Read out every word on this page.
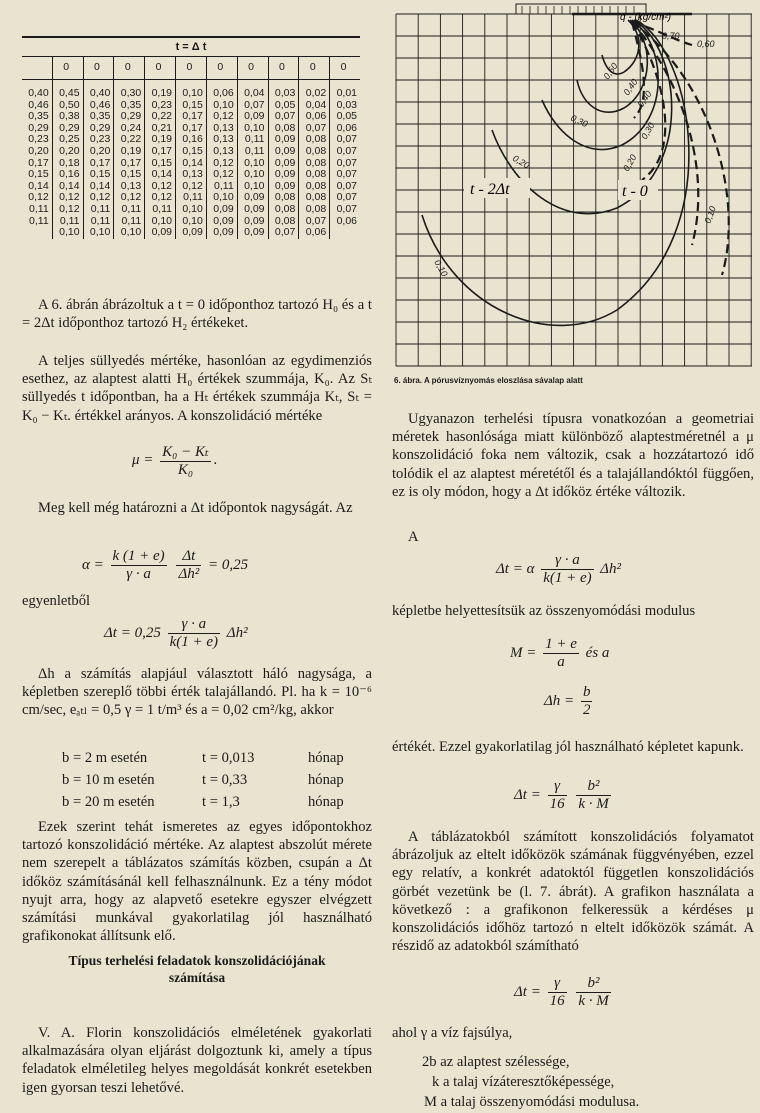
t = Δ t
	0	0	0	0	0	0	0	0	0	0

0,40	0,45	0,40	0,30	0,19	0,10	0,06	0,04	0,03	0,02	0,01
0,46	0,50	0,46	0,35	0,23	0,15	0,10	0,07	0,05	0,04	0,03
0,35	0,38	0,35	0,29	0,22	0,17	0,12	0,09	0,07	0,06	0,05
0,29	0,29	0,29	0,24	0,21	0,17	0,13	0,10	0,08	0,07	0,06
0,23	0,25	0,23	0,22	0,19	0,16	0,13	0,11	0,09	0,08	0,07
0,20	0,20	0,20	0,19	0,17	0,15	0,13	0,11	0,09	0,08	0,07
0,17	0,18	0,17	0,17	0,15	0,14	0,12	0,10	0,09	0,08	0,07
0,15	0,16	0,15	0,15	0,14	0,13	0,12	0,10	0,09	0,08	0,07
0,14	0,14	0,14	0,13	0,12	0,12	0,11	0,10	0,09	0,08	0,07
0,12	0,12	0,12	0,12	0,12	0,11	0,10	0,09	0,08	0,08	0,07
0,11	0,12	0,11	0,11	0,11	0,10	0,09	0,09	0,08	0,08	0,07
0,11	0,11	0,11	0,11	0,10	0,10	0,09	0,09	0,08	0,07	0,06
	0,10	0,10	0,10	0,09	0,09	0,09	0,09	0,07	0,06	

A 6. ábrán ábrázoltuk a t = 0 időponthoz tartozó H₀ és a t = 2Δt időponthoz tartozó H₂ értékeket.

A teljes süllyedés mértéke, hasonlóan az egydimenziós esethez, az alaptest alatti H₀ értékek szummája, K₀. Az Sₜ süllyedés t időpontban, ha a Hₜ értékek szummája Kₜ, Sₜ = K₀ − Kₜ. értékkel arányos. A konszolidáció mértéke

$\mu = \frac{\text{K₀ − Kₜ}}{\text{K₀}}$ .

Meg kell még határozni a Δt időpontok nagyságát. Az

$\alpha = \frac{k (1 + e)}{\gamma \cdot a}$
$\frac{\Delta t}{\text{Δh²}} = 0,25$

egyenletből

$\Delta t = 0,25 \frac{\gamma \cdot a}{k(1 + e)} \Delta h^2$

Δh a számítás alapjául választott háló nagysága, a képletben szereplő többi érték talajállandó. Pl. ha k = 10⁻⁶ cm/sec, eₐₜₗ = 0,5 γ = 1 t/m³ és a = 0,02 cm²/kg, akkor

b = 2 m esetén	t = 0,013	hónap
b = 10 m esetén	t = 0,33	hónap
b = 20 m esetén	t = 1,3	hónap

Ezek szerint tehát ismeretes az egyes időpontokhoz tartozó konszolidáció mértéke. Az alaptest abszolút mérete nem szerepelt a táblázatos számítás közben, csupán a Δt időköz számításánál kell felhasználnunk. Ez a tény módot nyujt arra, hogy az alapvető esetekre egyszer elvégzett számítási munkával gyakorlatilag jól használható grafikonokat állítsunk elő.

Típus terhelési feladatok konszolidációjának
számítása

V. A. Florin konszolidációs elméletének gyakorlati alkalmazására olyan eljárást dolgoztunk ki, amely a típus feladatok elméletileg helyes megoldását konkrét esetekben igen gyorsan teszi lehetővé.

q - (kg/cm²)
0,70
0,60
0,50
0,40
0,40
0,30	0,30
0,20	0,20
0,10
0,10
t - 2Δt	t - 0
6. ábra. A pórusvíznyomás eloszlása sávalap alatt

Ugyanazon terhelési típusra vonatkozóan a geometriai méretek hasonlósága miatt különböző alaptestméretnél a μ konszolidáció foka nem változik, csak a hozzátartozó idő tolódik el az alaptest méretétől és a talajállandóktól függően, ez is oly módon, hogy a Δt időköz értéke változik.

A

Δt = α $\frac{\gamma \cdot a}{k(1 + e)} \Delta h^2$

képletbe helyettesítsük az összenyomódási modulus

$M = \frac{1 + e}{a}$ és a
$\Delta h = \frac{b}{2}$

értékét. Ezzel gyakorlatilag jól használható képletet kapunk.

$\Delta t = \frac{\gamma}{16}$
$\frac{\text{b²}}{k \cdot M}$

A táblázatokból számított konszolidációs folyamatot ábrázoljuk az eltelt időközök számának függvényében, ezzel egy relatív, a konkrét adatoktól független konszolidációs görbét vezetünk be (l. 7. ábrát). A grafikon használata a következő : a grafikonon felkeressük a kérdéses μ konszolidációs időhöz tartozó n eltelt időközök számát. A részidő az adatokból számítható

$\Delta t = \frac{\gamma}{16}$
$\frac{\text{b²}}{k \cdot M}$

ahol γ a víz fajsúlya,

2b az alaptest szélessége,

k a talaj vízáteresztőképessége,

M a talaj összenyomódási modulusa.
